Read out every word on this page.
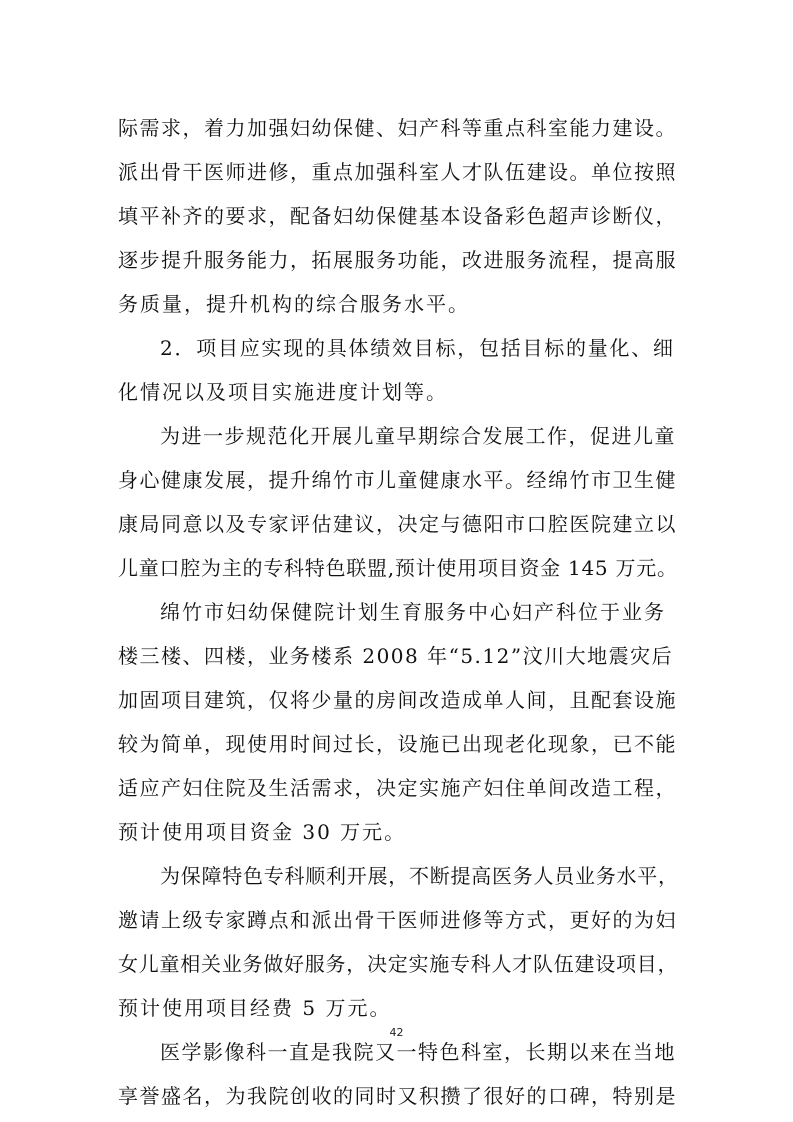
际需求，着力加强妇幼保健、妇产科等重点科室能力建设。
派出骨干医师进修，重点加强科室人才队伍建设。单位按照
填平补齐的要求，配备妇幼保健基本设备彩色超声诊断仪，
逐步提升服务能力，拓展服务功能，改进服务流程，提高服
务质量，提升机构的综合服务水平。
2．项目应实现的具体绩效目标，包括目标的量化、细
化情况以及项目实施进度计划等。
为进一步规范化开展儿童早期综合发展工作，促进儿童
身心健康发展，提升绵竹市儿童健康水平。经绵竹市卫生健
康局同意以及专家评估建议，决定与德阳市口腔医院建立以
儿童口腔为主的专科特色联盟,预计使用项目资金 145 万元。
绵竹市妇幼保健院计划生育服务中心妇产科位于业务
楼三楼、四楼，业务楼系 2008 年“5.12”汶川大地震灾后
加固项目建筑，仅将少量的房间改造成单人间，且配套设施
较为简单，现使用时间过长，设施已出现老化现象，已不能
适应产妇住院及生活需求，决定实施产妇住单间改造工程，
预计使用项目资金 30 万元。
为保障特色专科顺利开展，不断提高医务人员业务水平，
邀请上级专家蹲点和派出骨干医师进修等方式，更好的为妇
女儿童相关业务做好服务，决定实施专科人才队伍建设项目，
预计使用项目经费 5 万元。
医学影像科一直是我院又一特色科室，长期以来在当地
享誉盛名，为我院创收的同时又积攒了很好的口碑，特别是
42
